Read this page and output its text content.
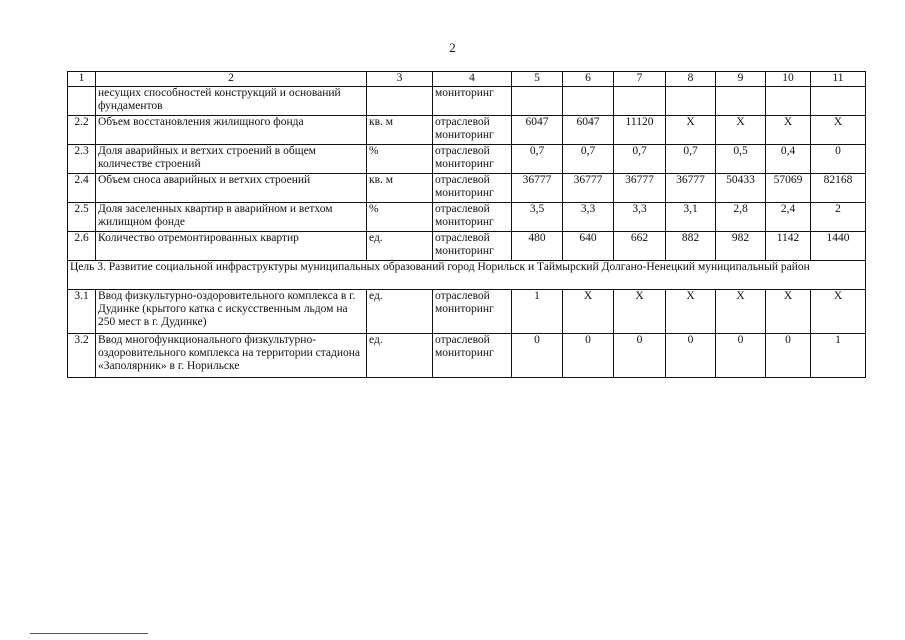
2
1	2	3	4	5	6	7	8	9	10	11
	несущих способностей конструкций и оснований фундаментов		мониторинг							
2.2	Объем восстановления жилищного фонда	кв. м	отраслевой мониторинг	6047	6047	11120	Х	Х	Х	Х
2.3	Доля аварийных и ветхих строений в общем количестве строений	%	отраслевой мониторинг	0,7	0,7	0,7	0,7	0,5	0,4	0
2.4	Объем сноса аварийных и ветхих строений	кв. м	отраслевой мониторинг	36777	36777	36777	36777	50433	57069	82168
2.5	Доля заселенных квартир в аварийном и ветхом жилищном фонде	%	отраслевой мониторинг	3,5	3,3	3,3	3,1	2,8	2,4	2
2.6	Количество отремонтированных квартир	ед.	отраслевой мониторинг	480	640	662	882	982	1142	1440
Цель 3. Развитие социальной инфраструктуры муниципальных образований город Норильск и Таймырский Долгано-Ненецкий муниципальный район										
3.1	Ввод физкультурно-оздоровительного комплекса в г. Дудинке (крытого катка с искусственным льдом на 250 мест в г. Дудинке)	ед.	отраслевой мониторинг	1	Х	Х	Х	Х	Х	Х
3.2	Ввод многофункционального физкультурно-оздоровительного комплекса на территории стадиона «Заполярник» в г. Норильске	ед.	отраслевой мониторинг	0	0	0	0	0	0	1
